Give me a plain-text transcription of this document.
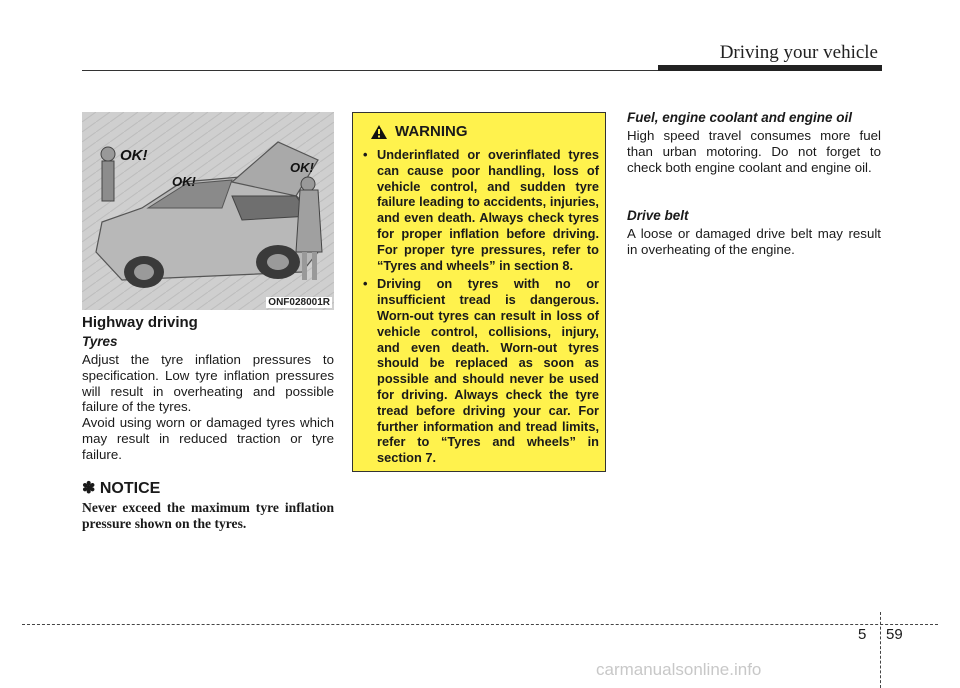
Driving your vehicle
OK!
OK!
OK!
ONF028001R
Highway driving
Tyres
Adjust the tyre inflation pressures to specification. Low tyre inflation pressures will result in overheating and possible failure of the tyres.
Avoid using worn or damaged tyres which may result in reduced traction or tyre failure.
✽ NOTICE
Never exceed the maximum tyre inflation pressure shown on the tyres.
WARNING
• Underinflated or overinflated tyres can cause poor handling, loss of vehicle control, and sudden tyre failure leading to accidents, injuries, and even death. Always check tyres for proper inflation before driving. For proper tyre pressures, refer to “Tyres and wheels” in section 8.
• Driving on tyres with no or insufficient tread is dangerous. Worn-out tyres can result in loss of vehicle control, collisions, injury, and even death. Worn-out tyres should be replaced as soon as possible and should never be used for driving. Always check the tyre tread before driving your car. For further information and tread limits, refer to “Tyres and wheels” in section 7.
Fuel, engine coolant and engine oil
High speed travel consumes more fuel than urban motoring. Do not forget to check both engine coolant and engine oil.
Drive belt
A loose or damaged drive belt may result in overheating of the engine.
5 59
carmanualsonline.info
